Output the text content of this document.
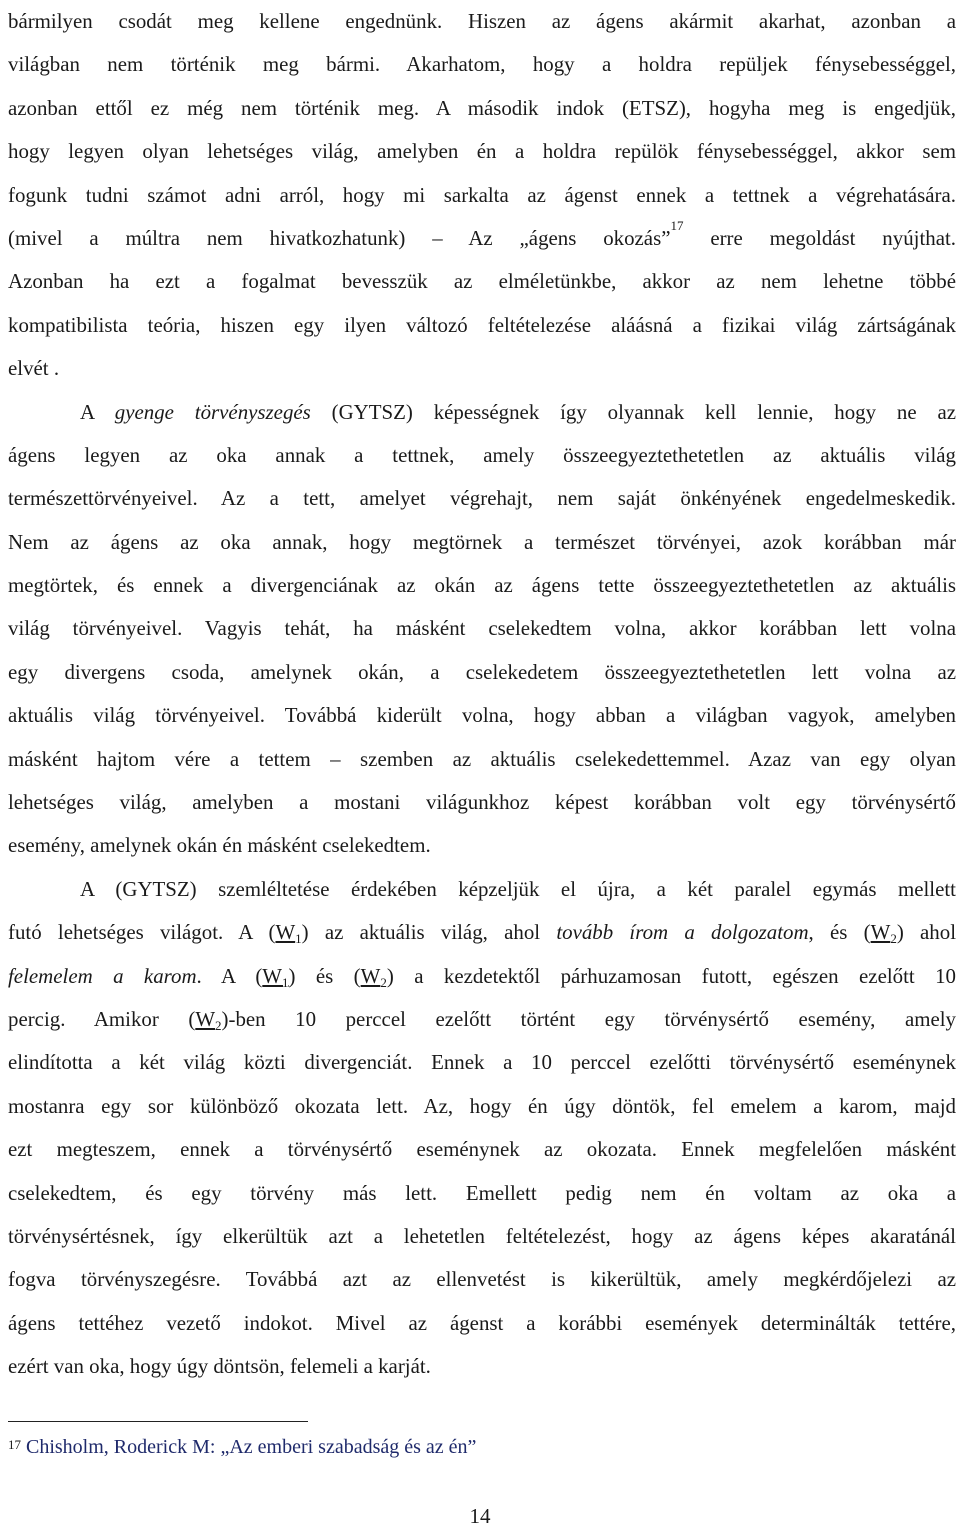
bármilyen csodát meg kellene engednünk. Hiszen az ágens akármit akarhat, azonban a
világban nem történik meg bármi. Akarhatom, hogy a holdra repüljek fénysebességgel,
azonban ettől ez még nem történik meg. A második indok (ETSZ), hogyha meg is engedjük,
hogy legyen olyan lehetséges világ, amelyben én a holdra repülök fénysebességgel, akkor sem
fogunk tudni számot adni arról, hogy mi sarkalta az ágenst ennek a tettnek a végrehatására.
(mivel a múltra nem hivatkozhatunk) – Az „ágens okozás”$^{17}$ erre megoldást nyújthat.
Azonban ha ezt a fogalmat bevesszük az elméletünkbe, akkor az nem lehetne többé
kompatibilista teória, hiszen egy ilyen változó feltételezése aláásná a fizikai világ zártságának
elvét .
A gyenge törvényszegés (GYTSZ) képességnek így olyannak kell lennie, hogy ne az
ágens legyen az oka annak a tettnek, amely összeegyeztethetetlen az aktuális világ
természettörvényeivel. Az a tett, amelyet végrehajt, nem saját önkényének engedelmeskedik.
Nem az ágens az oka annak, hogy megtörnek a természet törvényei, azok korábban már
megtörtek, és ennek a divergenciának az okán az ágens tette összeegyeztethetetlen az aktuális
világ törvényeivel. Vagyis tehát, ha másként cselekedtem volna, akkor korábban lett volna
egy divergens csoda, amelynek okán, a cselekedetem összeegyeztethetetlen lett volna az
aktuális világ törvényeivel. Továbbá kiderült volna, hogy abban a világban vagyok, amelyben
másként hajtom vére a tettem – szemben az aktuális cselekedettemmel. Azaz van egy olyan
lehetséges világ, amelyben a mostani világunkhoz képest korábban volt egy törvénysértő
esemény, amelynek okán én másként cselekedtem.
A (GYTSZ) szemléltetése érdekében képzeljük el újra, a két paralel egymás mellett
futó lehetséges világot. A $(W_1)$ az aktuális világ, ahol tovább írom a dolgozatom, és $(W_2)$ ahol
felemelem a karom. A $(W_1)$ és $(W_2)$ a kezdetektől párhuzamosan futott, egészen ezelőtt 10
percig. Amikor $(W_2)$-ben 10 perccel ezelőtt történt egy törvénysértő esemény, amely
elindította a két világ közti divergenciát. Ennek a 10 perccel ezelőtti törvénysértő eseménynek
mostanra egy sor különböző okozata lett. Az, hogy én úgy döntök, fel emelem a karom, majd
ezt megteszem, ennek a törvénysértő eseménynek az okozata. Ennek megfelelően másként
cselekedtem, és egy törvény más lett. Emellett pedig nem én voltam az oka a
törvénysértésnek, így elkerültük azt a lehetetlen feltételezést, hogy az ágens képes akaratánál
fogva törvényszegésre. Továbbá azt az ellenvetést is kikerültük, amely megkérdőjelezi az
ágens tettéhez vezető indokot. Mivel az ágenst a korábbi események determinálták tettére,
ezért van oka, hogy úgy döntsön, felemeli a karját.
$^{17}$ Chisholm, Roderick M: „Az emberi szabadság és az én”
14
